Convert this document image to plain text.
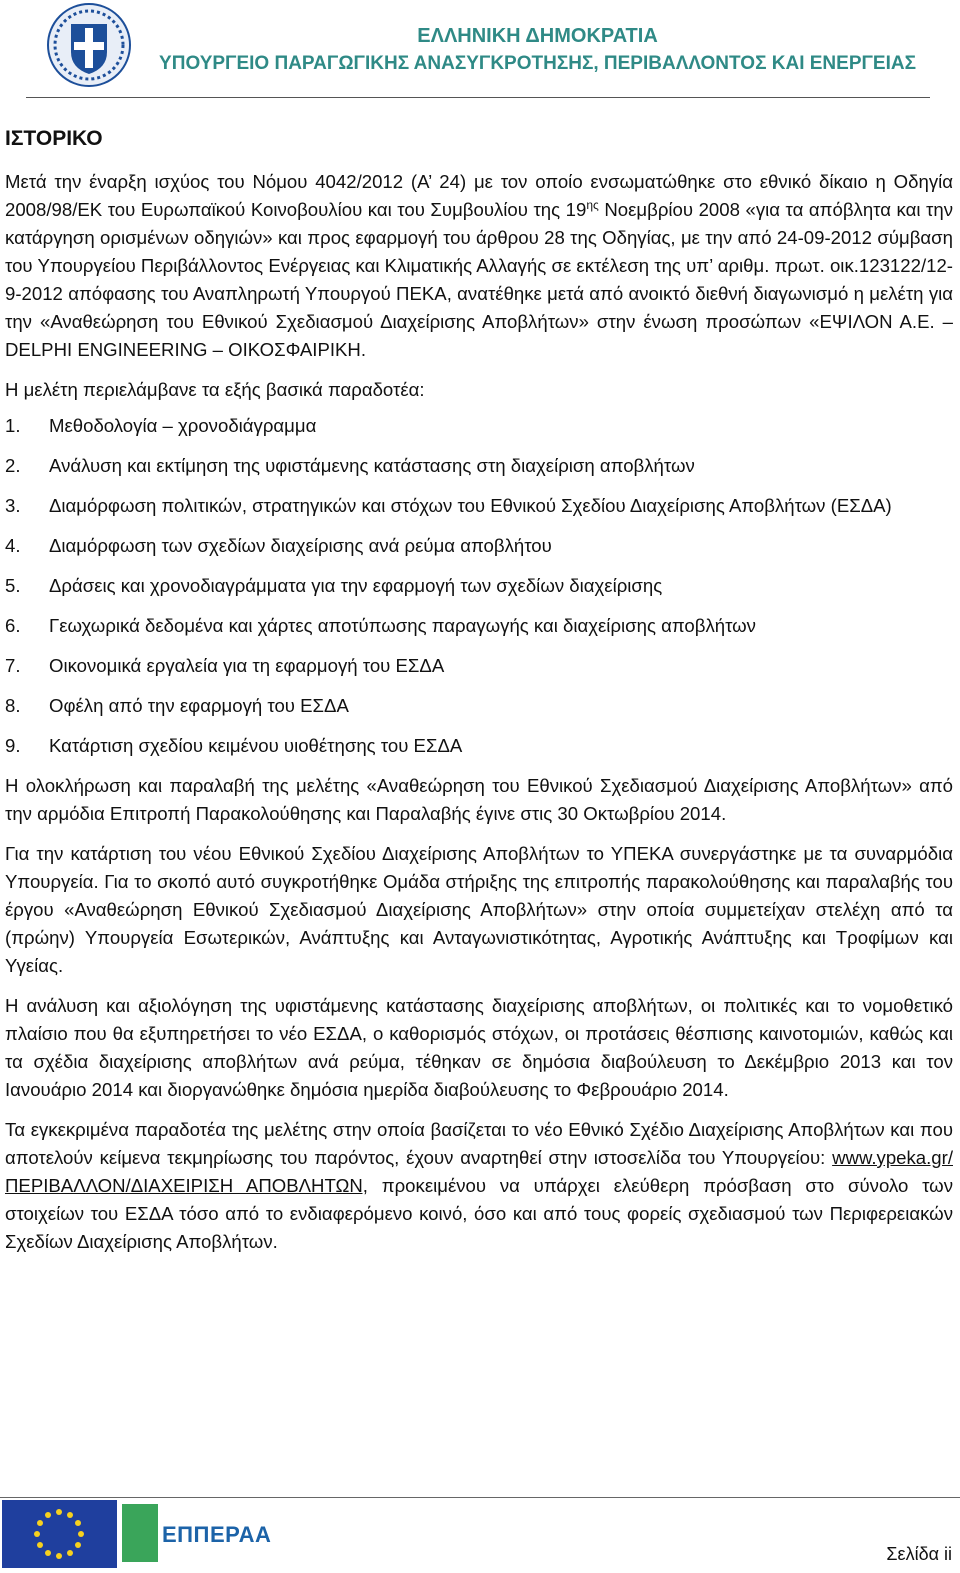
ΕΛΛΗΝΙΚΗ ΔΗΜΟΚΡΑΤΙΑ
ΥΠΟΥΡΓΕΙΟ ΠΑΡΑΓΩΓΙΚΗΣ ΑΝΑΣΥΓΚΡΟΤΗΣΗΣ, ΠΕΡΙΒΑΛΛΟΝΤΟΣ ΚΑΙ ΕΝΕΡΓΕΙΑΣ
ΙΣΤΟΡΙΚΟ

Μετά την έναρξη ισχύος του Νόμου 4042/2012 (Α’ 24) με τον οποίο ενσωματώθηκε στο εθνικό δίκαιο η Οδηγία 2008/98/ΕΚ του Ευρωπαϊκού Κοινοβουλίου και του Συμβουλίου της $19^{\eta\varsigma}$ Νοεμβρίου 2008 «για τα απόβλητα και την κατάργηση ορισμένων οδηγιών» και προς εφαρμογή του άρθρου 28 της Οδηγίας, με την από 24-09-2012 σύμβαση του Υπουργείου Περιβάλλοντος Ενέργειας και Κλιματικής Αλλαγής σε εκτέλεση της υπ’ αριθμ. πρωτ. οικ.123122/12-9-2012 απόφασης του Αναπληρωτή Υπουργού ΠΕΚΑ, ανατέθηκε μετά από ανοικτό διεθνή διαγωνισμό η μελέτη για την «Αναθεώρηση του Εθνικού Σχεδιασμού Διαχείρισης Αποβλήτων» στην ένωση προσώπων «ΕΨΙΛΟΝ Α.Ε. – DELPHI ENGINEERING – ΟΙΚΟΣΦΑΙΡΙΚΗ.

Η μελέτη περιελάμβανε τα εξής βασικά παραδοτέα:

1. Μεθοδολογία – χρονοδιάγραμμα
2. Ανάλυση και εκτίμηση της υφιστάμενης κατάστασης στη διαχείριση αποβλήτων
3. Διαμόρφωση πολιτικών, στρατηγικών και στόχων του Εθνικού Σχεδίου Διαχείρισης Αποβλήτων (ΕΣΔΑ)
4. Διαμόρφωση των σχεδίων διαχείρισης ανά ρεύμα αποβλήτου
5. Δράσεις και χρονοδιαγράμματα για την εφαρμογή των σχεδίων διαχείρισης
6. Γεωχωρικά δεδομένα και χάρτες αποτύπωσης παραγωγής και διαχείρισης αποβλήτων
7. Οικονομικά εργαλεία για τη εφαρμογή του ΕΣΔΑ
8. Οφέλη από την εφαρμογή του ΕΣΔΑ
9. Κατάρτιση σχεδίου κειμένου υιοθέτησης του ΕΣΔΑ

Η ολοκλήρωση και παραλαβή της μελέτης «Αναθεώρηση του Εθνικού Σχεδιασμού Διαχείρισης Αποβλήτων» από την αρμόδια Επιτροπή Παρακολούθησης και Παραλαβής έγινε στις 30 Οκτωβρίου 2014.

Για την κατάρτιση του νέου Εθνικού Σχεδίου Διαχείρισης Αποβλήτων το ΥΠΕΚΑ συνεργάστηκε με τα συναρμόδια Υπουργεία. Για το σκοπό αυτό συγκροτήθηκε Ομάδα στήριξης της επιτροπής παρακολούθησης και παραλαβής του έργου «Αναθεώρηση Εθνικού Σχεδιασμού Διαχείρισης Αποβλήτων» στην οποία συμμετείχαν στελέχη από τα (πρώην) Υπουργεία Εσωτερικών, Ανάπτυξης και Ανταγωνιστικότητας, Αγροτικής Ανάπτυξης και Τροφίμων και Υγείας.

Η ανάλυση και αξιολόγηση της υφιστάμενης κατάστασης διαχείρισης αποβλήτων, οι πολιτικές και το νομοθετικό πλαίσιο που θα εξυπηρετήσει το νέο ΕΣΔΑ, ο καθορισμός στόχων, οι προτάσεις θέσπισης καινοτομιών, καθώς και τα σχέδια διαχείρισης αποβλήτων ανά ρεύμα, τέθηκαν σε δημόσια διαβούλευση το Δεκέμβριο 2013 και τον Ιανουάριο 2014 και διοργανώθηκε δημόσια ημερίδα διαβούλευσης το Φεβρουάριο 2014.

Τα εγκεκριμένα παραδοτέα της μελέτης στην οποία βασίζεται το νέο Εθνικό Σχέδιο Διαχείρισης Αποβλήτων και που αποτελούν κείμενα τεκμηρίωσης του παρόντος, έχουν αναρτηθεί στην ιστοσελίδα του Υπουργείου: www.ypeka.gr/ΠΕΡΙΒΑΛΛΟΝ/ΔΙΑΧΕΙΡΙΣΗ ΑΠΟΒΛΗΤΩΝ, προκειμένου να υπάρχει ελεύθερη πρόσβαση στο σύνολο των στοιχείων του ΕΣΔΑ τόσο από το ενδιαφερόμενο κοινό, όσο και από τους φορείς σχεδιασμού των Περιφερειακών Σχεδίων Διαχείρισης Αποβλήτων.

ΕΠΠΕΡΑΑ
Σελίδα ii
